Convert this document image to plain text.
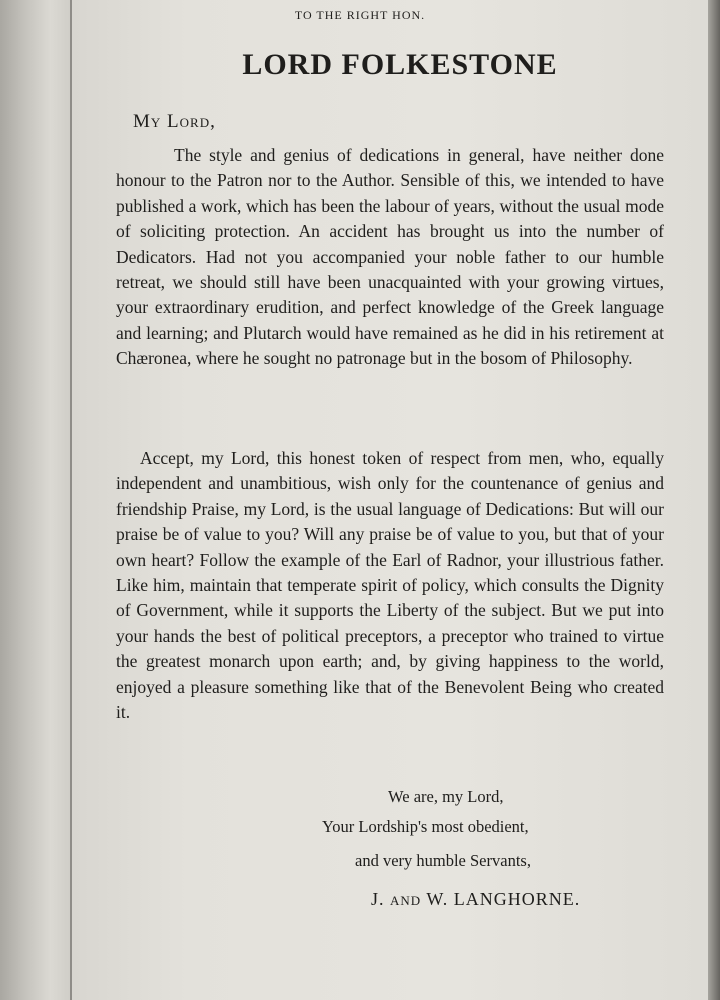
TO THE RIGHT HON.
LORD FOLKESTONE
My Lord,

The style and genius of dedications in general, have neither done honour to the Patron nor to the Author. Sensible of this, we intended to have published a work, which has been the labour of years, without the usual mode of soliciting protection. An accident has brought us into the number of Dedicators. Had not you accompanied your noble father to our humble retreat, we should still have been unacquainted with your growing virtues, your extraordinary erudition, and perfect knowledge of the Greek language and learning; and Plutarch would have remained as he did in his retirement at Chæronea, where he sought no patronage but in the bosom of Philosophy.

Accept, my Lord, this honest token of respect from men, who, equally independent and unambitious, wish only for the countenance of genius and friendship Praise, my Lord, is the usual language of Dedications: But will our praise be of value to you? Will any praise be of value to you, but that of your own heart? Follow the example of the Earl of Radnor, your illustrious father. Like him, maintain that temperate spirit of policy, which consults the Dignity of Government, while it supports the Liberty of the subject. But we put into your hands the best of political preceptors, a preceptor who trained to virtue the greatest monarch upon earth; and, by giving happiness to the world, enjoyed a pleasure something like that of the Benevolent Being who created it.

We are, my Lord,
Your Lordship's most obedient,
and very humble Servants,
J. AND W. LANGHORNE.
